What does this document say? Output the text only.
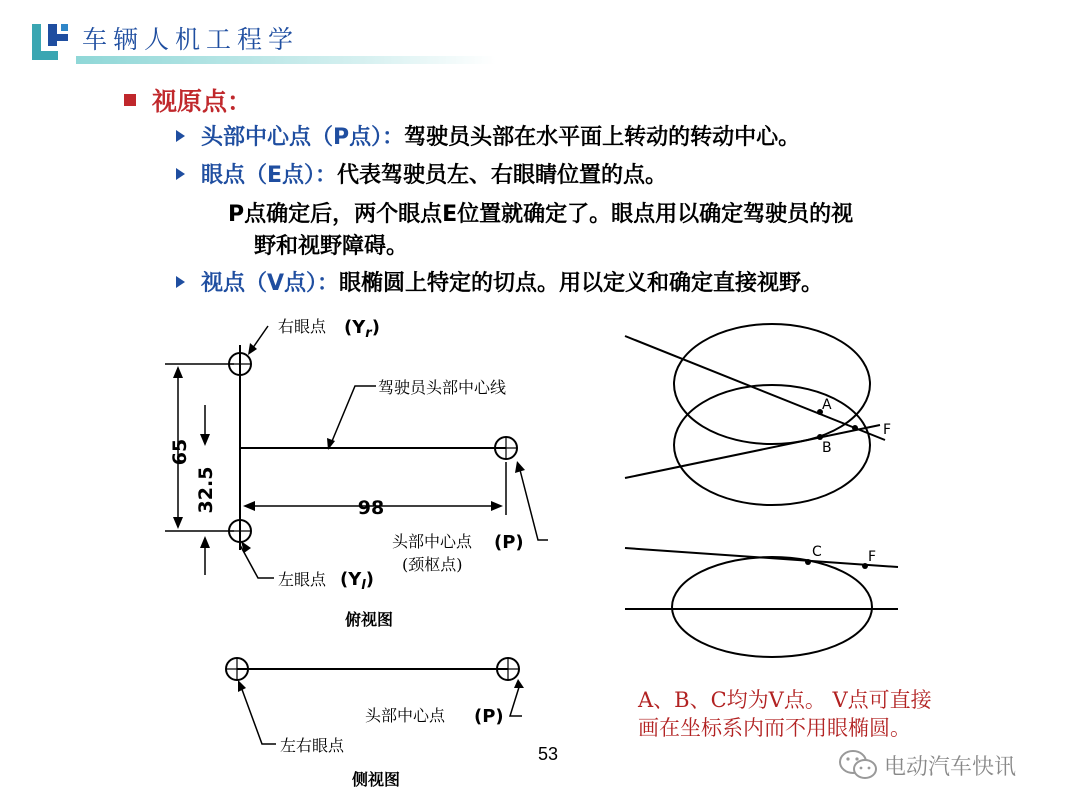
车辆人机工程学
视原点：
头部中心点（P点）：驾驶员头部在水平面上转动的转动中心。
眼点（E点）：代表驾驶员左、右眼睛位置的点。
P点确定后，两个眼点E位置就确定了。眼点用以确定驾驶员的视
野和视野障碍。
视点（V点）：眼椭圆上特定的切点。用以定义和确定直接视野。
右眼点 $(Y_r)$
驾驶员头部中心线
65
32.5	98
头部中心点 (P)
(颈枢点)
左眼点 $(Y_l)$
俯视图
头部中心点 (P)
左右眼点
侧视图
A
B
F
C	F
A、B、C均为V点。 V点可直接
画在坐标系内而不用眼椭圆。
53
电动汽车快讯
